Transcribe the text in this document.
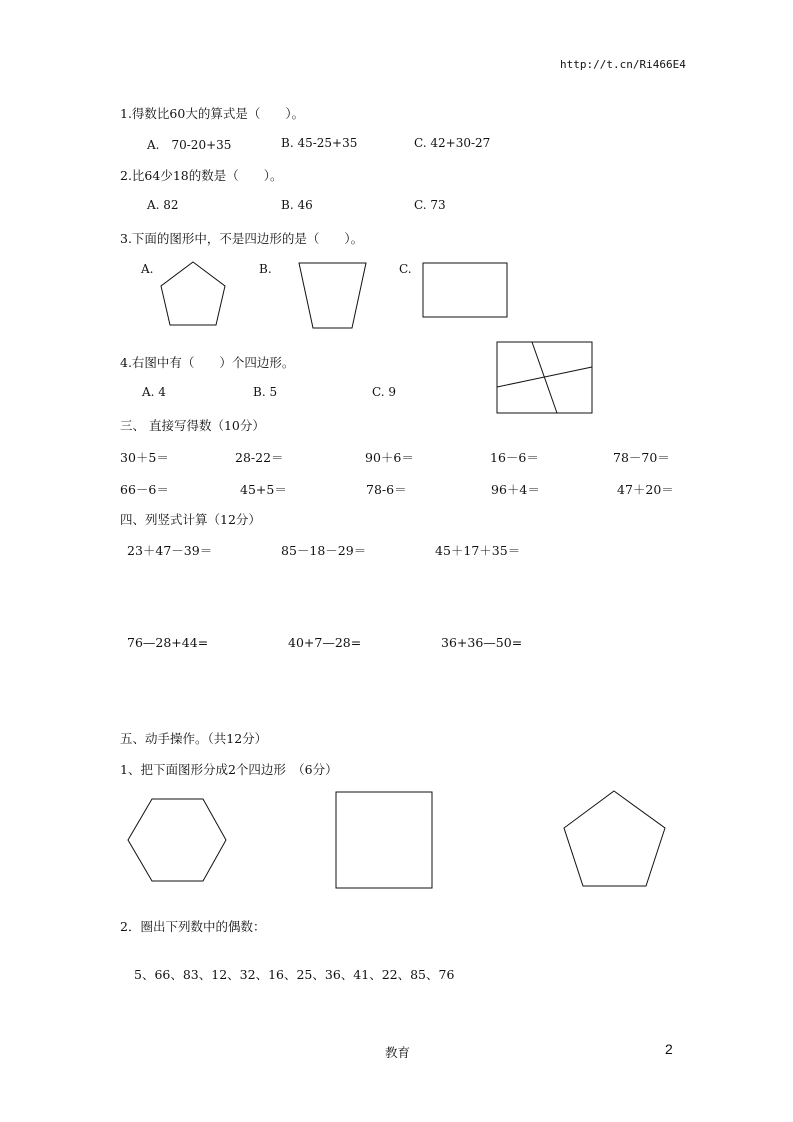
http://t.cn/Ri466E4
1.得数比60大的算式是（　　）。
A.　70-20+35	B. 45-25+35	C. 42+30-27
2.比64少18的数是（　　）。
A. 82	B. 46	C. 73
3.下面的图形中，不是四边形的是（　　）。
A.	B.	C.
4.右图中有（　　）个四边形。
A. 4	B. 5	C. 9
三、 直接写得数（10分）
30＋5＝	28-22＝	90＋6＝	16－6＝	78－70＝
66－6＝	45+5＝	78-6＝	96＋4＝	47＋20＝
四、列竖式计算（12分）
23＋47－39＝	85－18－29＝	45＋17＋35＝
76—28+44=	40+7—28=	36+36—50=
五、动手操作。（共12分）
1、把下面图形分成2个四边形　（6分）
2．圈出下列数中的偶数：
5、66、83、12、32、16、25、36、41、22、85、76
教育	2
